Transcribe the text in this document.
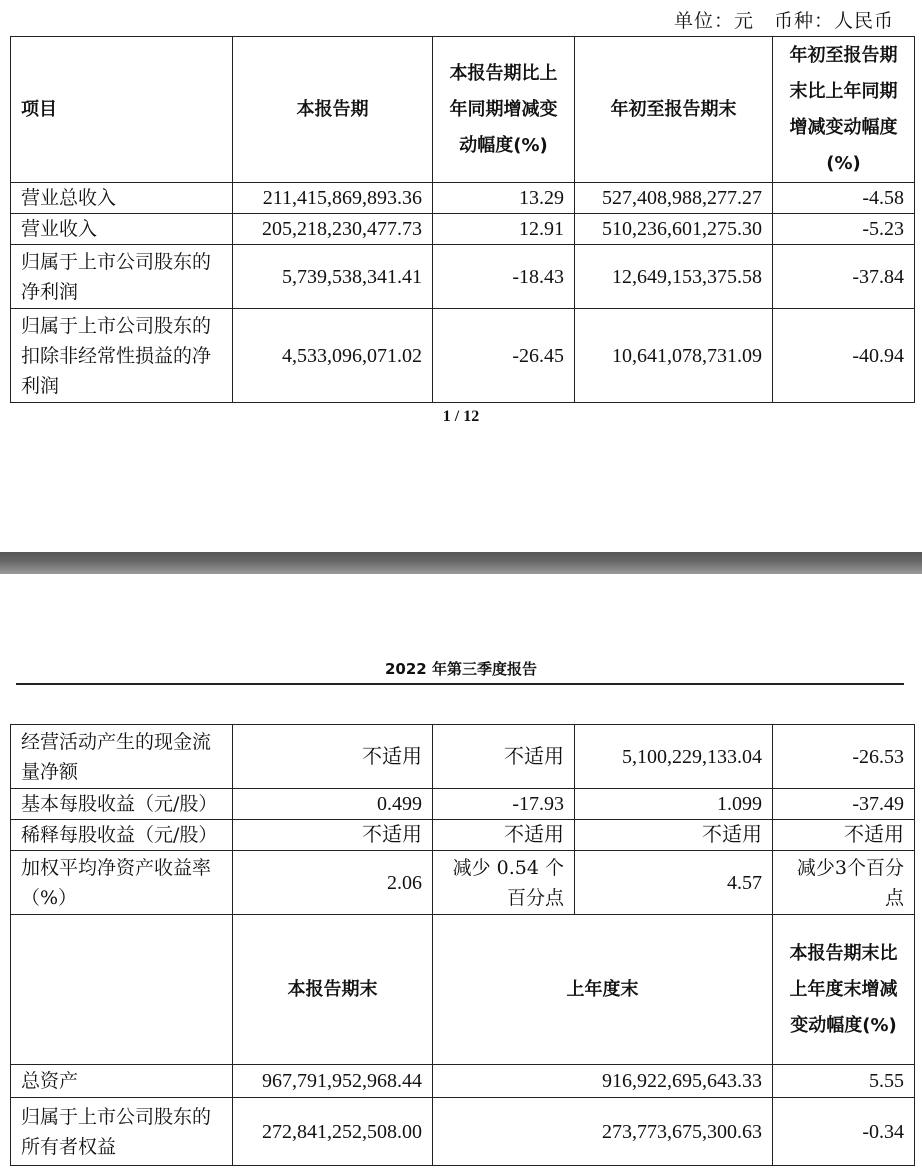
单位：元　币种：人民币
项目	本报告期	本报告期比上年同期增减变动幅度(%)	年初至报告期末	年初至报告期末比上年同期增减变动幅度(%)
营业总收入	211,415,869,893.36	13.29	527,408,988,277.27	-4.58
营业收入	205,218,230,477.73	12.91	510,236,601,275.30	-5.23
归属于上市公司股东的净利润	5,739,538,341.41	-18.43	12,649,153,375.58	-37.84
归属于上市公司股东的扣除非经常性损益的净利润	4,533,096,071.02	-26.45	10,641,078,731.09	-40.94
1 / 12
2022 年第三季度报告
经营活动产生的现金流量净额	不适用	不适用	5,100,229,133.04	-26.53
基本每股收益（元/股）	0.499	-17.93	1.099	-37.49
稀释每股收益（元/股）	不适用	不适用	不适用	不适用
加权平均净资产收益率（%）	2.06	减少 0.54 个百分点	4.57	减少3个百分点
	本报告期末	上年度末		本报告期末比上年度末增减变动幅度(%)
总资产	967,791,952,968.44	916,922,695,643.33		5.55
归属于上市公司股东的所有者权益	272,841,252,508.00	273,773,675,300.63		-0.34
